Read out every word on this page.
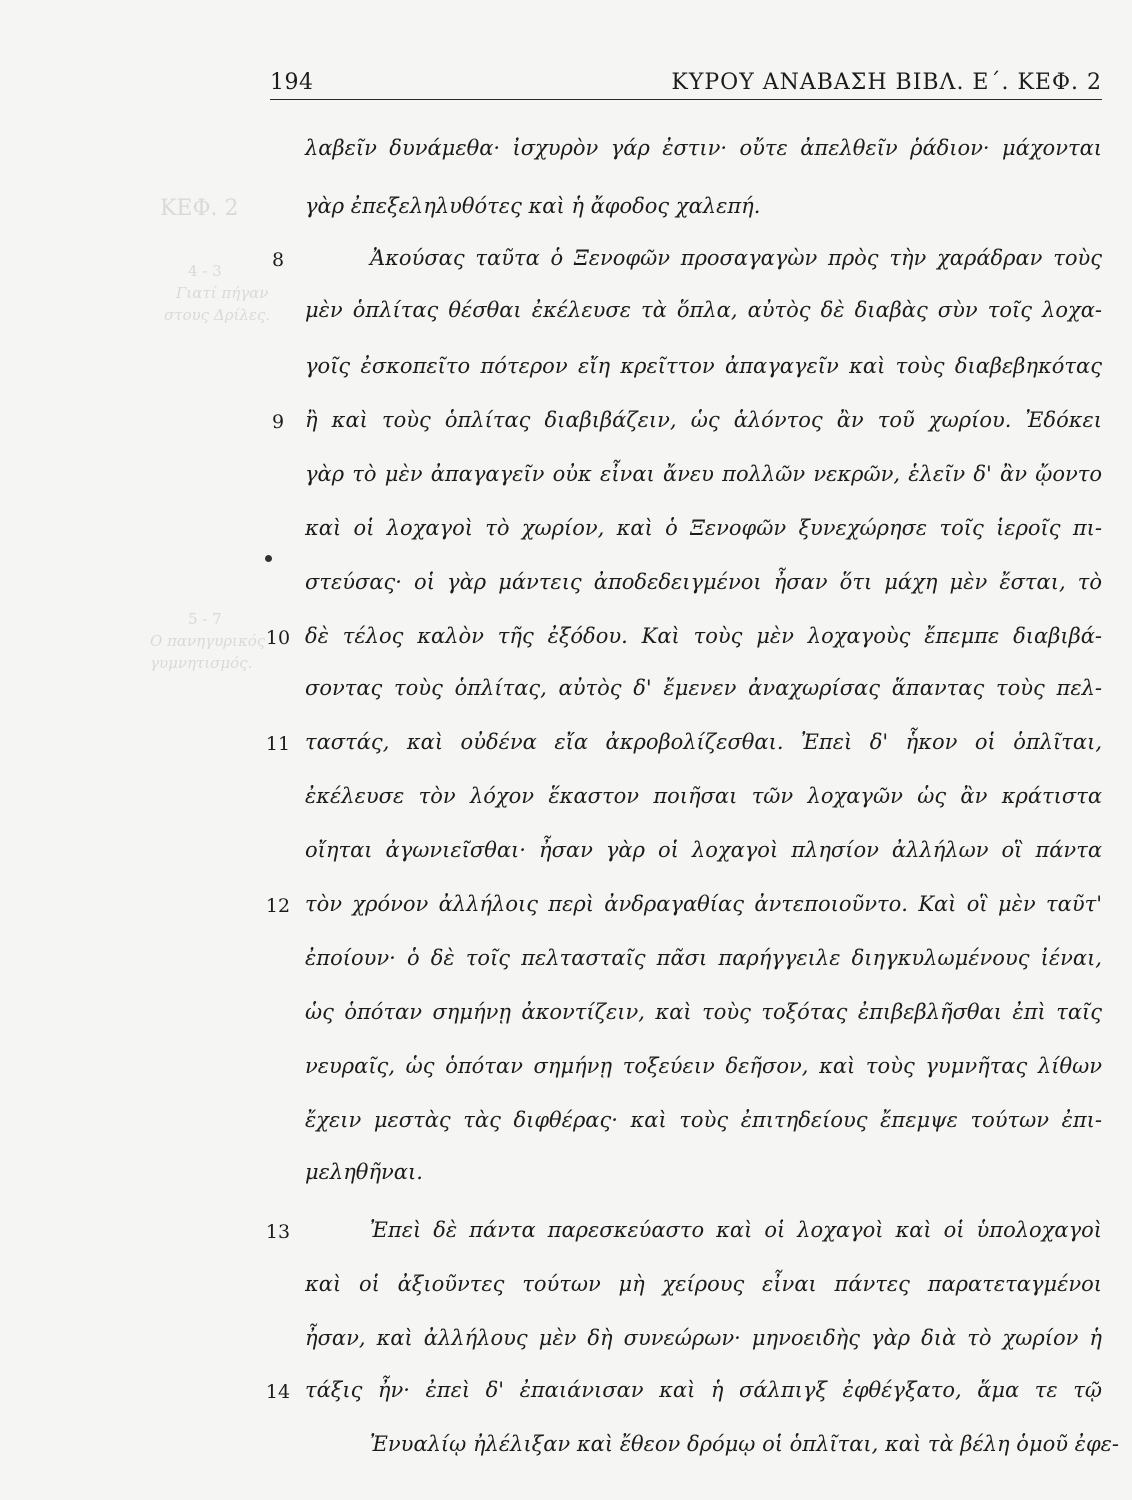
194	ΚΥΡΟΥ ΑΝΑΒΑΣΗ ΒΙΒΛ. Ε΄. ΚΕΦ. 2
ΚΕΦ. 2
4 - 3
Γιατί πήγαν
στους Δρίλες.
5 - 7
Ο πανηγυρικός
γυμνητισμός.
λαβεῖν δυνάμεθα· ἰσχυρὸν γάρ ἐστιν· οὔτε ἀπελθεῖν ῥάδιον· μάχονται
γὰρ ἐπεξεληλυθότες καὶ ἡ ἄφοδος χαλεπή.
8	Ἀκούσας ταῦτα ὁ Ξενοφῶν προσαγαγὼν πρὸς τὴν χαράδραν τοὺς
μὲν ὁπλίτας θέσθαι ἐκέλευσε τὰ ὅπλα, αὐτὸς δὲ διαβὰς σὺν τοῖς λοχα-
γοῖς ἐσκοπεῖτο πότερον εἴη κρεῖττον ἀπαγαγεῖν καὶ τοὺς διαβεβηκότας
9 ἢ καὶ τοὺς ὁπλίτας διαβιβάζειν, ὡς ἁλόντος ἂν τοῦ χωρίου. Ἐδόκει
γὰρ τὸ μὲν ἀπαγαγεῖν οὐκ εἶναι ἄνευ πολλῶν νεκρῶν, ἑλεῖν δ' ἂν ᾤοντο
καὶ οἱ λοχαγοὶ τὸ χωρίον, καὶ ὁ Ξενοφῶν ξυνεχώρησε τοῖς ἱεροῖς πι-
στεύσας· οἱ γὰρ μάντεις ἀποδεδειγμένοι ἦσαν ὅτι μάχη μὲν ἔσται, τὸ
10 δὲ τέλος καλὸν τῆς ἐξόδου. Καὶ τοὺς μὲν λοχαγοὺς ἔπεμπε διαβιβά-
σοντας τοὺς ὁπλίτας, αὐτὸς δ' ἔμενεν ἀναχωρίσας ἅπαντας τοὺς πελ-
11 ταστάς, καὶ οὐδένα εἴα ἀκροβολίζεσθαι. Ἐπεὶ δ' ἧκον οἱ ὁπλῖται,
ἐκέλευσε τὸν λόχον ἕκαστον ποιῆσαι τῶν λοχαγῶν ὡς ἂν κράτιστα
οἴηται ἀγωνιεῖσθαι· ἦσαν γὰρ οἱ λοχαγοὶ πλησίον ἀλλήλων οἳ πάντα
12 τὸν χρόνον ἀλλήλοις περὶ ἀνδραγαθίας ἀντεποιοῦντο. Καὶ οἳ μὲν ταῦτ'
ἐποίουν· ὁ δὲ τοῖς πελτασταῖς πᾶσι παρήγγειλε διηγκυλωμένους ἰέναι,
ὡς ὁπόταν σημήνῃ ἀκοντίζειν, καὶ τοὺς τοξότας ἐπιβεβλῆσθαι ἐπὶ ταῖς
νευραῖς, ὡς ὁπόταν σημήνῃ τοξεύειν δεῆσον, καὶ τοὺς γυμνῆτας λίθων
ἔχειν μεστὰς τὰς διφθέρας· καὶ τοὺς ἐπιτηδείους ἔπεμψε τούτων ἐπι-
μεληθῆναι.
13	Ἐπεὶ δὲ πάντα παρεσκεύαστο καὶ οἱ λοχαγοὶ καὶ οἱ ὑπολοχαγοὶ
καὶ οἱ ἀξιοῦντες τούτων μὴ χείρους εἶναι πάντες παρατεταγμένοι
ἦσαν, καὶ ἀλλήλους μὲν δὴ συνεώρων· μηνοειδὴς γὰρ διὰ τὸ χωρίον ἡ
14 τάξις ἦν· ἐπεὶ δ' ἐπαιάνισαν καὶ ἡ σάλπιγξ ἐφθέγξατο, ἅμα τε τῷ
Ἐνυαλίῳ ἠλέλιξαν καὶ ἔθεον δρόμῳ οἱ ὁπλῖται, καὶ τὰ βέλη ὁμοῦ ἐφε-
